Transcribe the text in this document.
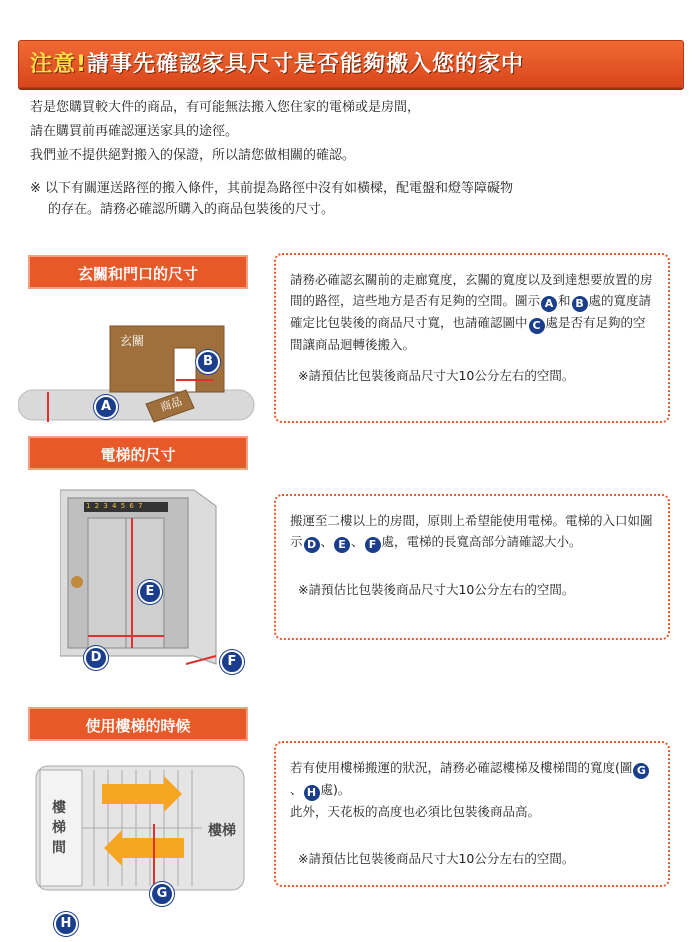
注意!請事先確認家具尺寸是否能夠搬入您的家中
若是您購買較大件的商品，有可能無法搬入您住家的電梯或是房間，
請在購買前再確認運送家具的途徑。
我們並不提供絕對搬入的保證，所以請您做相關的確認。
※ 以下有關運送路徑的搬入條件，其前提為路徑中沒有如橫樑，配電盤和燈等障礙物
的存在。請務必確認所購入的商品包裝後的尺寸。
玄關和門口的尺寸
玄關
商品
A
B
請務必確認玄關前的走廊寬度，玄關的寬度以及到達想要放置的房間的路徑，這些地方是否有足夠的空間。圖示 A 和 B 處的寬度請確定比包裝後的商品尺寸寬，也請確認圖中 C 處是否有足夠的空間讓商品迴轉後搬入。
※請預估比包裝後商品尺寸大10公分左右的空間。
電梯的尺寸
1 2 3 4 5 6 7
E
D	F
搬運至二樓以上的房間，原則上希望能使用電梯。電梯的入口如圖示 D 、 E 、 F 處，電梯的長寬高部分請確認大小。
※請預估比包裝後商品尺寸大10公分左右的空間。
使用樓梯的時候
樓梯間
樓梯
G
H
若有使用樓梯搬運的狀況，請務必確認樓梯及樓梯間的寬度(圖 G、 H 處)。
此外，天花板的高度也必須比包裝後商品高。
※請預估比包裝後商品尺寸大10公分左右的空間。
